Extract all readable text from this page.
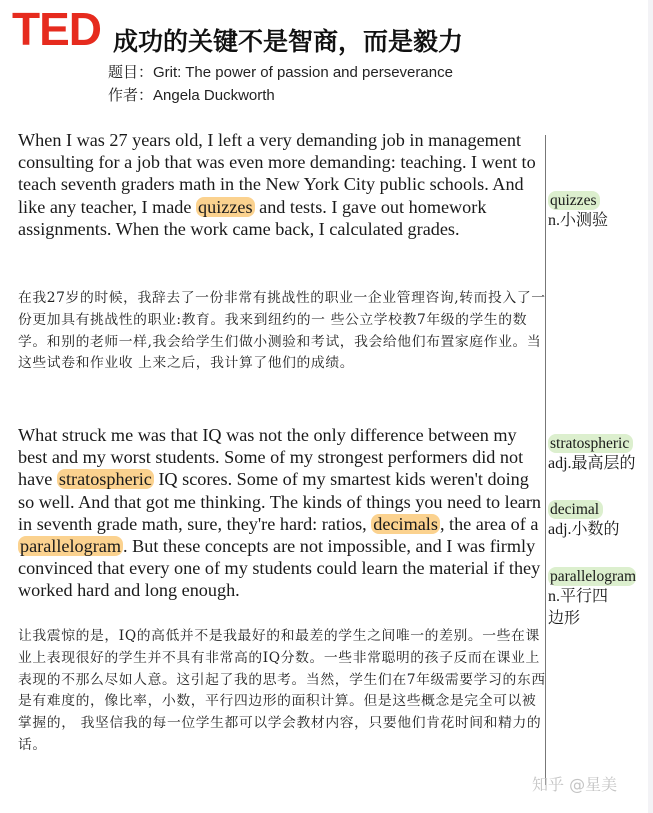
TED 成功的关键不是智商，而是毅力
题目：Grit: The power of passion and perseverance
作者：Angela Duckworth
When I was 27 years old, I left a very demanding job in management consulting for a job that was even more demanding: teaching. I went to teach seventh graders math in the New York City public schools. And like any teacher, I made quizzes and tests. I gave out homework assignments. When the work came back, I calculated grades.
在我27岁的时候，我辞去了一份非常有挑战性的职业一企业管理咨询,转而投入了一份更加具有挑战性的职业:教育。我来到纽约的一 些公立学校教7年级的学生的数学。和别的老师一样,我会给学生们做小测验和考试，我会给他们布置家庭作业。当这些试卷和作业收 上来之后，我计算了他们的成绩。
What struck me was that IQ was not the only difference between my best and my worst students. Some of my strongest performers did not have stratospheric IQ scores. Some of my smartest kids weren't doing so well. And that got me thinking. The kinds of things you need to learn in seventh grade math, sure, they're hard: ratios, decimals , the area of a parallelogram . But these concepts are not impossible, and I was firmly convinced that every one of my students could learn the material if they worked hard and long enough.
让我震惊的是，IQ的高低并不是我最好的和最差的学生之间唯一的差别。一些在课业上表现很好的学生并不具有非常高的IQ分数。一些非常聪明的孩子反而在课业上表现的不那么尽如人意。这引起了我的思考。当然，学生们在7年级需要学习的东西是有难度的，像比率，小数，平行四边形的面积计算。但是这些概念是完全可以被掌握的， 我坚信我的每一位学生都可以学会教材内容，只要他们肯花时间和精力的话。
quizzes
n.小测验
stratospheric
adj.最高层的
decimal
adj.小数的
parallelogram
n.平行四边形
知乎 @星美
